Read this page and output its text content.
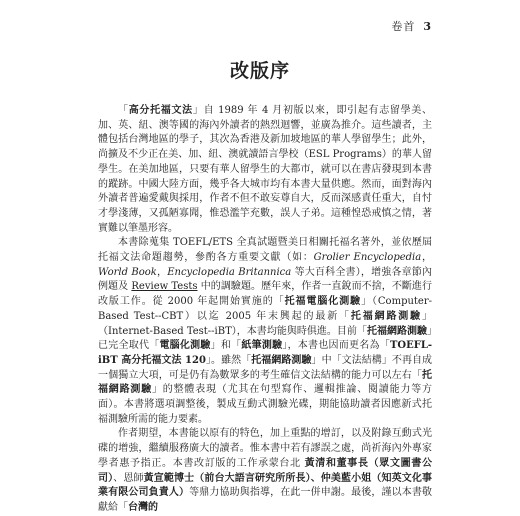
卷首 3
改版序

「高分托福文法」自 1989 年 4 月初版以來，即引起有志留學美、加、英、紐、澳等國的海內外讀者的熱烈迴響，並廣為推介。這些讀者，主體包括台灣地區的學子，其次為香港及新加坡地區的華人學留學生；此外，尚擴及不少正在美、加、紐、澳就讀語言學校（ESL Programs）的華人留學生。在美加地區，只要有華人留學生的大都市，就可以在書店發現到本書的蹤跡。中國大陸方面，幾乎各大城市均有本書大量供應。然而，面對海內外讀者普遍愛戴與採用，作者不但不敢妄尊自大，反而深感責任重大，自忖才學淺薄，又孤陋寡聞，惟恐濫竽充數，誤人子弟。這種惶恐戒慎之情，著實難以筆墨形容。

本書除蒐集 TOEFL/ETS 全真試題暨美日相關托福名著外，並依歷屆托福文法命題趨勢，參酌各方重要文獻（如：Grolier Encyclopedia，World Book，Encyclopedia Britannica 等大百科全書），增強各章節內例題及 Review Tests 中的調驗題。歷年來，作者一直銳而不捨，不斷進行改版工作。從 2000 年起開始實施的「托福電腦化測驗」（Computer-Based Test--CBT）以迄 2005 年末興起的最新「托福網路測驗」（Internet-Based Test--iBT），本書均能與時俱進。目前「托福網路測驗」已完全取代「電腦化測驗」和「紙筆測驗」，本書也因而更名為「TOEFL-iBT 高分托福文法 120」。雖然「托福網路測驗」中「文法結構」不再自成一個獨立大項，可是仍有為數眾多的考生確信文法結構的能力可以左右「托福網路測驗」的整體表現（尤其在句型寫作、邏輯推論、閱讀能力等方面）。本書將選項調整後，製成互動式測驗光碟，期能協助讀者因應新式托福測驗所需的能力要素。

作者期望，本書能以原有的特色，加上重點的增訂，以及附錄互動式光碟的增強，繼續服務廣大的讀者。惟本書中若有謬誤之處，尚祈海內外專家學者惠予指正。本書改訂版的工作承蒙台北 黃清和董事長（眾文圖書公司）、恩師黃宣範博士（前台大語言研究所所長）、仲美藍小姐（知英文化事業有限公司負責人）等鼎力協助與指導，在此一併申謝。最後，謹以本書敬獻給「台灣的
